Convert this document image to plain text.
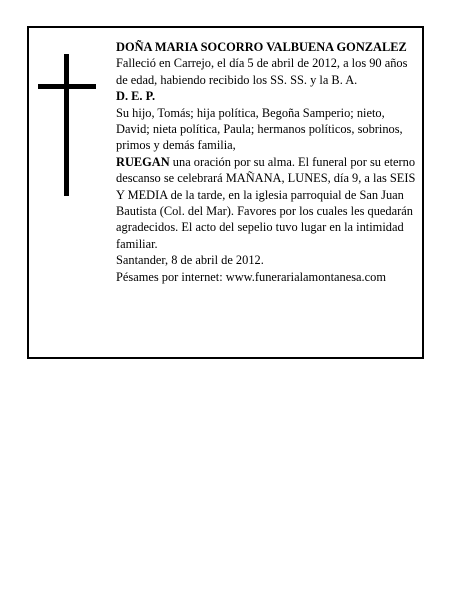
DOÑA MARIA SOCORRO VALBUENA GONZALEZ

Falleció en Carrejo, el día 5 de abril de 2012, a los 90 años de edad, habiendo recibido los SS. SS. y la B. A.

D. E. P.

Su hijo, Tomás; hija política, Begoña Samperio; nieto, David; nieta política, Paula; hermanos políticos, sobrinos, primos y demás familia,

RUEGAN una oración por su alma. El funeral por su eterno descanso se celebrará MAÑANA, LUNES, día 9, a las SEIS Y MEDIA de la tarde, en la iglesia parroquial de San Juan Bautista (Col. del Mar). Favores por los cuales les quedarán agradecidos. El acto del sepelio tuvo lugar en la intimidad familiar.

Santander, 8 de abril de 2012.

Pésames por internet: www.funerarialamontanesa.com
